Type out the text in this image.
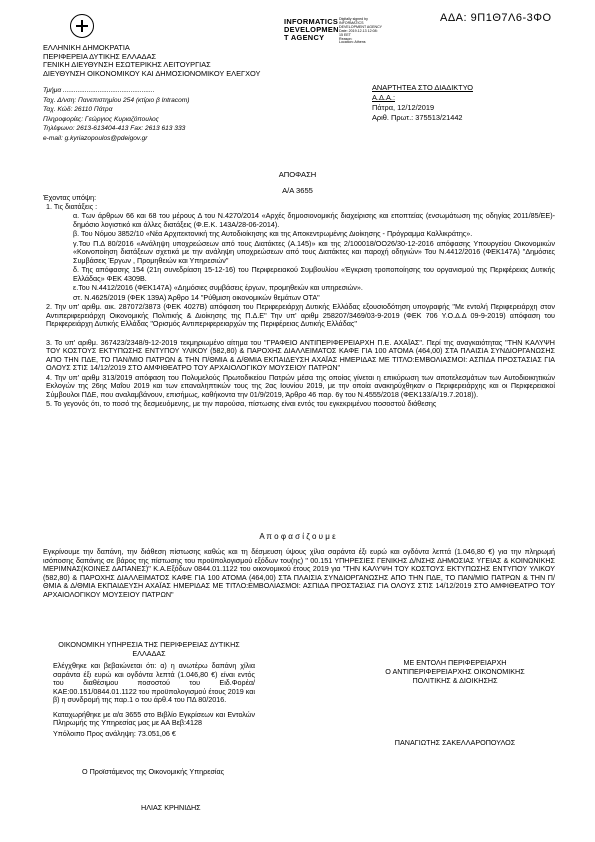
ΑΔΑ: 9Π1Θ7Λ6-3ΦΟ
INFORMATICS
DEVELOPMEN
T AGENCY
Digitally signed by
INFORMATICS
DEVELOPMENT AGENCY
Date: 2019.12.13 12:08:
15 EET
Reason:
Location: Athens
ΕΛΛΗΝΙΚΗ ΔΗΜΟΚΡΑΤΙΑ
ΠΕΡΙΦΕΡΕΙΑ ΔΥΤΙΚΗΣ ΕΛΛΑΔΑΣ
ΓΕΝΙΚΗ ΔΙΕΥΘΥΝΣΗ ΕΣΩΤΕΡΙΚΗΣ ΛΕΙΤΟΥΡΓΙΑΣ
ΔΙΕΥΘΥΝΣΗ ΟΙΚΟΝΟΜΙΚΟΥ ΚΑΙ ΔΗΜΟΣΙΟΝΟΜΙΚΟΥ ΕΛΕΓΧΟΥ
Τμήμα ..................................................
Ταχ. Δ/νση: Πανεπιστημίου 254 (κτίριο β Intracom)
Ταχ. Κώδ: 26110 Πάτρα
Πληροφορίες: Γεώργιος Κυριαζόπουλος
Τηλέφωνο: 2613-613404-413 Fax: 2613 613 333
e-mail: g.kyriazopoulos@pdeigov.gr
ΑΝΑΡΤΗΤΕΑ ΣΤΟ ΔΙΑΔΙΚΤΥΟ
Α.Δ.Α.:
Πάτρα, 12/12/2019
Αριθ. Πρωτ.: 375513/21442
ΑΠΟΦΑΣΗ
Α/Α 3655
Έχοντας υπόψη:
1. Τις διατάξεις :
α. Των άρθρων 66 και 68 του μέρους Δ του Ν.4270/2014 «Αρχές δημοσιονομικής διαχείρισης και εποπτείας (ενσωμάτωση της οδηγίας 2011/85/ΕΕ)-δημόσιο λογιστικό και άλλες διατάξεις (Φ.Ε.Κ. 143Α/28-06-2014).
β. Του Νόμου 3852/10 «Νέα Αρχιτεκτονική της Αυτοδιοίκησης και της Αποκεντρωμένης Διοίκησης - Πρόγραμμα Καλλικράτης».
γ.Του Π.Δ 80/2016 «Ανάληψη υποχρεώσεων από τους Διατάκτες (Α.145)» και της 2/100018/ΟΟ26/30-12-2016 απόφασης Υπουργείου Οικονομικών «Κοινοποίηση διατάξεων σχετικά με την ανάληψη υποχρεώσεων από τους Διατάκτες και παροχή οδηγιών» Του Ν.4412/2016 (ΦΕΚ147Α) "Δημόσιες Συμβάσεις Έργων , Προμηθειών και Υπηρεσιών"
δ. Της απόφασης 154 (21η συνεδρίαση 15-12-16) του Περιφερειακού Συμβουλίου «Έγκριση τροποποίησης του οργανισμού της Περιφέρειας Δυτικής Ελλάδας» ΦΕΚ 4309Β.
ε.Του Ν.4412/2016 (ΦΕΚ147Α) «Δημόσιες συμβάσεις έργων, προμηθειών και υπηρεσιών».
στ. Ν.4625/2019 (ΦΕΚ 139Α) Άρθρο 14 "Ρύθμιση οικονομικών θεμάτων ΟΤΑ"
2. Την υπ' αριθμ. αικ. 287072/3873 (ΦΕΚ 4027Β) απόφαση του Περιφερειάρχη Δυτικής Ελλάδας εξουσιοδότηση υπογραφής "Με εντολή Περιφερειάρχη στον Αντιπεριφερειάρχη Οικονομικής Πολιτικής & Διοίκησης της Π.Δ.Ε" Την υπ' αριθμ 258207/3469/03-9-2019 (ΦΕΚ 706 Υ.Ο.Δ.Δ 09-9-2019) απόφαση του Περιφερειάρχη Δυτικής Ελλάδας "Ορισμός Αντιπεριφερειαρχών της Περιφέρειας Δυτικής Ελλάδας"
3. Το υπ' αριθμ. 367423/2348/9-12-2019 τεκμηριωμένο αίτημα του "ΓΡΑΦΕΙΟ ΑΝΤΙΠΕΡΙΦΕΡΕΙΑΡΧΗ Π.Ε. ΑΧΑΪΑΣ". Περί της αναγκαιότητας "ΤΗΝ ΚΑΛΥΨΗ ΤΟΥ ΚΟΣΤΟΥΣ ΕΚΤΥΠΩΣΗΣ ΕΝΤΥΠΟΥ ΥΛΙΚΟΥ (582,80) & ΠΑΡΟΧΗΣ ΔΙΑΛΛΕΙΜΑΤΟΣ ΚΑΦΕ ΓΙΑ 100 ΑΤΟΜΑ (464,00) ΣΤΑ ΠΛΑΙΣΙΑ ΣΥΝΔΙΟΡΓΑΝΩΣΗΣ ΑΠΟ ΤΗΝ ΠΔΕ, ΤΟ ΠΑΝ/ΜΙΟ ΠΑΤΡΩΝ & ΤΗΝ Π/ΘΜΙΑ & Δ/ΘΜΙΑ ΕΚΠΑΙΔΕΥΣΗ ΑΧΑΪΑΣ ΗΜΕΡΙΔΑΣ ΜΕ ΤΙΤΛΟ:ΕΜΒΟΛΙΑΣΜΟΙ: ΑΣΠΙΔΑ ΠΡΟΣΤΑΣΙΑΣ ΓΙΑ ΟΛΟΥΣ ΣΤΙΣ 14/12/2019 ΣΤΟ ΑΜΦΙΘΕΑΤΡΟ ΤΟΥ ΑΡΧΑΙΟΛΟΓΙΚΟΥ ΜΟΥΣΕΙΟΥ ΠΑΤΡΩΝ"
4. Την υπ' αριθμ 313/2019 απόφαση του Πολυμελούς Πρωτοδικείου Πατρών μέσα της οποίας γίνεται η επικύρωση των αποτελεσμάτων των Αυτοδιοικητικών Εκλογών της 26ης Μαΐου 2019 και των επαναληπτικών τους της 2ας Ιουνίου 2019, με την οποία ανακηρύχθηκαν ο Περιφερειάρχης και οι Περιφερειακοί Σύμβουλοι ΠΔΕ, που αναλαμβάνουν, επισήμως, καθήκοντα την 01/9/2019, Άρθρο 46 παρ. 6γ του Ν.4555/2018 (ΦΕΚ133/Α/19.7.2018)).
5. Το γεγονός ότι, το ποσό της δεσμευόμενης, με την παρούσα, πίστωσης είναι εντός του εγκεκριμένου ποσοστού διάθεσης
Α π ο φ α σ ί ζ ο υ μ ε
Εγκρίνουμε την δαπάνη, την διάθεση πίστωσης καθώς και τη δέσμευση ύψους χίλια σαράντα έξι ευρώ και ογδόντα λεπτά (1.046,80 €) για την πληρωμή ισόποσης δαπάνης σε βάρος της πίστωσης του προϋπολογισμού εξόδων του(ης) " 00.151 ΥΠΗΡΕΣΙΕΣ ΓΕΝΙΚΗΣ Δ/ΝΣΗΣ ΔΗΜΟΣΙΑΣ ΥΓΕΙΑΣ & ΚΟΙΝΩΝΙΚΗΣ ΜΕΡΙΜΝΑΣ(ΚΟΙΝΕΣ ΔΑΠΑΝΕΣ)" Κ.Α.Εξόδων 0844.01.1122 του οικονομικού έτους 2019 για "ΤΗΝ ΚΑΛΥΨΗ ΤΟΥ ΚΟΣΤΟΥΣ ΕΚΤΥΠΩΣΗΣ ΕΝΤΥΠΟΥ ΥΛΙΚΟΥ (582,80) & ΠΑΡΟΧΗΣ ΔΙΑΛΛΕΙΜΑΤΟΣ ΚΑΦΕ ΓΙΑ 100 ΑΤΟΜΑ (464,00) ΣΤΑ ΠΛΑΙΣΙΑ ΣΥΝΔΙΟΡΓΑΝΩΣΗΣ ΑΠΟ ΤΗΝ ΠΔΕ, ΤΟ ΠΑΝ/ΜΙΟ ΠΑΤΡΩΝ & ΤΗΝ Π/ΘΜΙΑ & Δ/ΘΜΙΑ ΕΚΠΑΙΔΕΥΣΗ ΑΧΑΪΑΣ ΗΜΕΡΙΔΑΣ ΜΕ ΤΙΤΛΟ:ΕΜΒΟΛΙΑΣΜΟΙ: ΑΣΠΙΔΑ ΠΡΟΣΤΑΣΙΑΣ ΓΙΑ ΟΛΟΥΣ ΣΤΙΣ 14/12/2019 ΣΤΟ ΑΜΦΙΘΕΑΤΡΟ ΤΟΥ ΑΡΧΑΙΟΛΟΓΙΚΟΥ ΜΟΥΣΕΙΟΥ ΠΑΤΡΩΝ"
ΟΙΚΟΝΟΜΙΚΗ ΥΠΗΡΕΣΙΑ ΤΗΣ ΠΕΡΙΦΕΡΕΙΑΣ ΔΥΤΙΚΗΣ
ΕΛΛΑΔΑΣ
Ελέγχθηκε και βεβαιώνεται ότι: α) η ανωτέρω δαπάνη χίλια σαράντα έξι ευρώ και ογδόντα λεπτά (1.046,80 €) είναι εντός του διαθέσιμου ποσοστού του Ειδ.Φορέα/ΚΑΕ:00.151/0844.01.1122 του προϋπολογισμού έτους 2019 και β) η συνδρομή της παρ.1 ο του άρθ.4 του ΠΔ 80/2016.
Καταχωρήθηκε με α/α 3655 στο Βιβλίο Εγκρίσεων και Εντολών Πληρωμής της Υπηρεσίας μας με ΑΑ Βεβ:4128
Υπόλοιπο Προς ανάληψη: 73.051,06 €
Ο Προϊστάμενος της Οικονομικής Υπηρεσίας
ΗΛΙΑΣ ΚΡΗΝΙΔΗΣ
ΜΕ ΕΝΤΟΛΗ ΠΕΡΙΦΕΡΕΙΑΡΧΗ
Ο ΑΝΤΙΠΕΡΙΦΕΡΕΙΑΡΧΗΣ ΟΙΚΟΝΟΜΙΚΗΣ
ΠΟΛΙΤΙΚΗΣ & ΔΙΟΙΚΗΣΗΣ
ΠΑΝΑΓΙΩΤΗΣ ΣΑΚΕΛΛΑΡΟΠΟΥΛΟΣ
